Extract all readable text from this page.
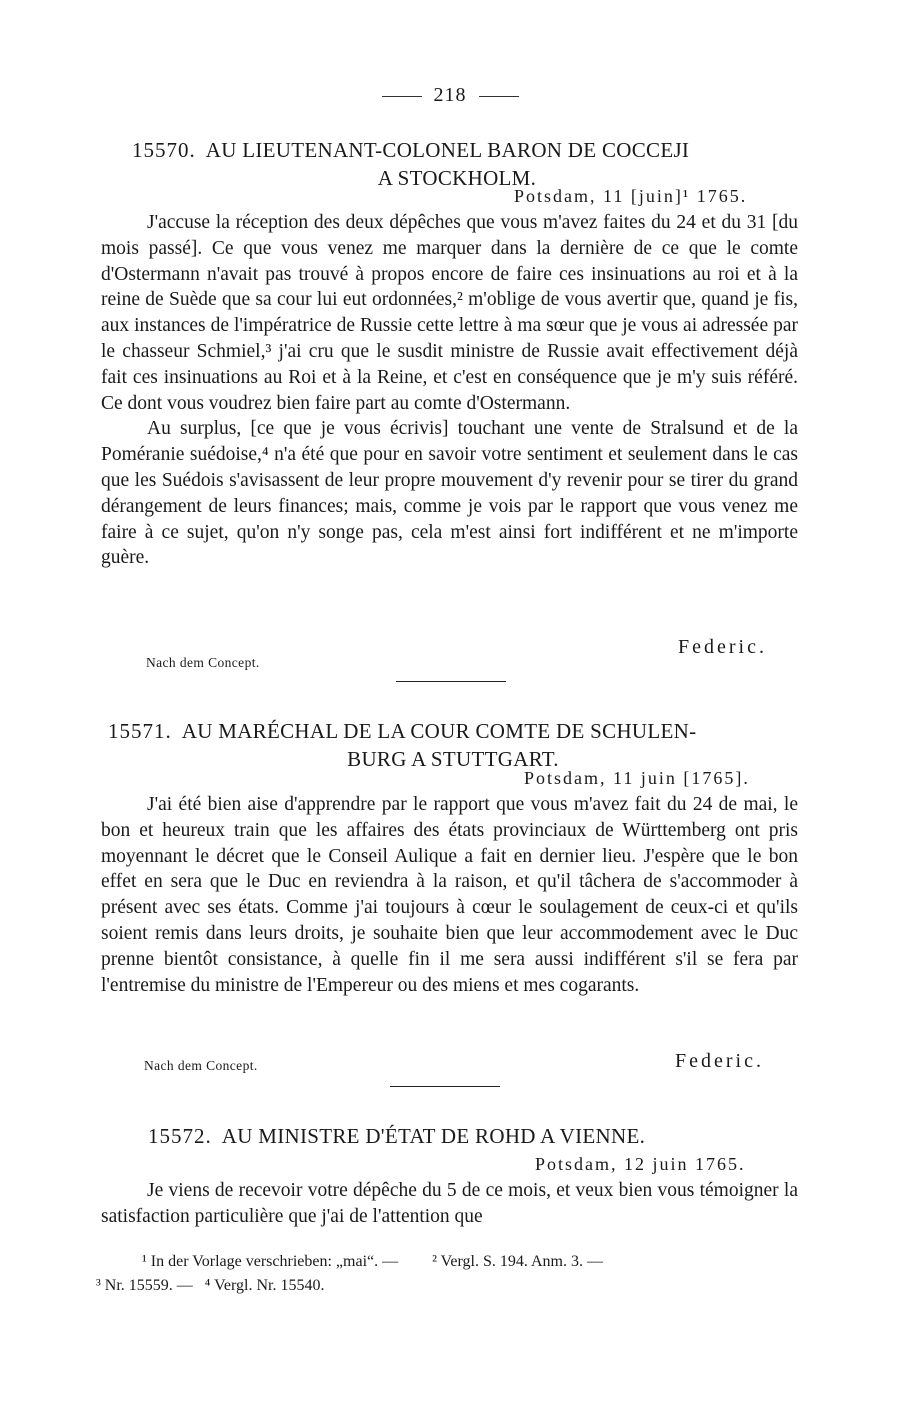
218
15570. AU LIEUTENANT-COLONEL BARON DE COCCEJI
A STOCKHOLM.
Potsdam, 11 [juin]¹ 1765.

J'accuse la réception des deux dépêches que vous m'avez faites du 24 et du 31 [du mois passé]. Ce que vous venez me marquer dans la dernière de ce que le comte d'Ostermann n'avait pas trouvé à propos encore de faire ces insinuations au roi et à la reine de Suède que sa cour lui eut ordonnées,² m'oblige de vous avertir que, quand je fis, aux instances de l'impératrice de Russie cette lettre à ma sœur que je vous ai adressée par le chasseur Schmiel,³ j'ai cru que le susdit ministre de Russie avait effectivement déjà fait ces insinuations au Roi et à la Reine, et c'est en conséquence que je m'y suis référé. Ce dont vous voudrez bien faire part au comte d'Ostermann.

Au surplus, [ce que je vous écrivis] touchant une vente de Stralsund et de la Poméranie suédoise,⁴ n'a été que pour en savoir votre sentiment et seulement dans le cas que les Suédois s'avisassent de leur propre mouvement d'y revenir pour se tirer du grand dérangement de leurs finances; mais, comme je vois par le rapport que vous venez me faire à ce sujet, qu'on n'y songe pas, cela m'est ainsi fort indifférent et ne m'importe guère.

Nach dem Concept.
Federic.
15571. AU MARÉCHAL DE LA COUR COMTE DE SCHULEN-
BURG A STUTTGART.
Potsdam, 11 juin [1765].

J'ai été bien aise d'apprendre par le rapport que vous m'avez fait du 24 de mai, le bon et heureux train que les affaires des états provinciaux de Württemberg ont pris moyennant le décret que le Conseil Aulique a fait en dernier lieu. J'espère que le bon effet en sera que le Duc en reviendra à la raison, et qu'il tâchera de s'accommoder à présent avec ses états. Comme j'ai toujours à cœur le soulagement de ceux-ci et qu'ils soient remis dans leurs droits, je souhaite bien que leur accommodement avec le Duc prenne bientôt consistance, à quelle fin il me sera aussi indifférent s'il se fera par l'entremise du ministre de l'Empereur ou des miens et mes cogarants.

Nach dem Concept.	Federic.
15572. AU MINISTRE D'ÉTAT DE ROHD A VIENNE.
Potsdam, 12 juin 1765.

Je viens de recevoir votre dépêche du 5 de ce mois, et veux bien vous témoigner la satisfaction particulière que j'ai de l'attention que

¹ In der Vorlage verschrieben: „mai“. — ² Vergl. S. 194. Anm. 3. —
³ Nr. 15559. — ⁴ Vergl. Nr. 15540.
